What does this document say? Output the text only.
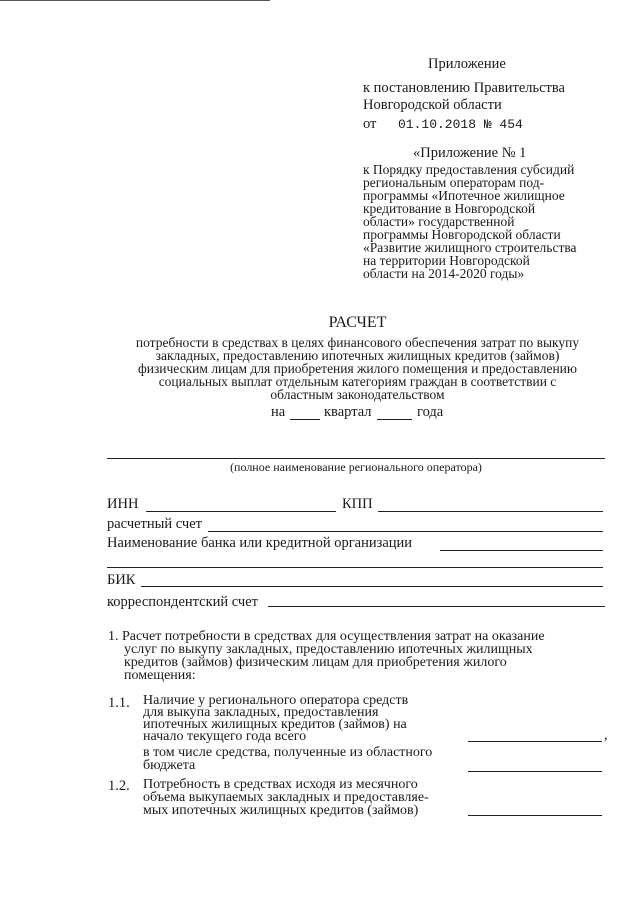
Приложение
к постановлению Правительства
Новгородской области
от 01.10.2018 № 454
«Приложение № 1
к Порядку предоставления субсидий
региональным операторам под-
программы «Ипотечное жилищное
кредитование в Новгородской
области» государственной
программы Новгородской области
«Развитие жилищного строительства
на территории Новгородской
области на 2014-2020 годы»
РАСЧЕТ
потребности в средствах в целях финансового обеспечения затрат по выкупу
закладных, предоставлению ипотечных жилищных кредитов (займов)
физическим лицам для приобретения жилого помещения и предоставлению
социальных выплат отдельным категориям граждан в соответствии с
областным законодательством
на	квартал	года
(полное наименование регионального оператора)
ИНН	КПП
расчетный счет
Наименование банка или кредитной организации
БИК
корреспондентский счет
1. Расчет потребности в средствах для осуществления затрат на оказание
услуг по выкупу закладных, предоставлению ипотечных жилищных
кредитов (займов) физическим лицам для приобретения жилого
помещения:
1.1. Наличие у регионального оператора средств
для выкупа закладных, предоставления
ипотечных жилищных кредитов (займов) на
начало текущего года всего	,
в том числе средства, полученные из областного
бюджета
1.2. Потребность в средствах исходя из месячного
объема выкупаемых закладных и предоставляе-
мых ипотечных жилищных кредитов (займов)
